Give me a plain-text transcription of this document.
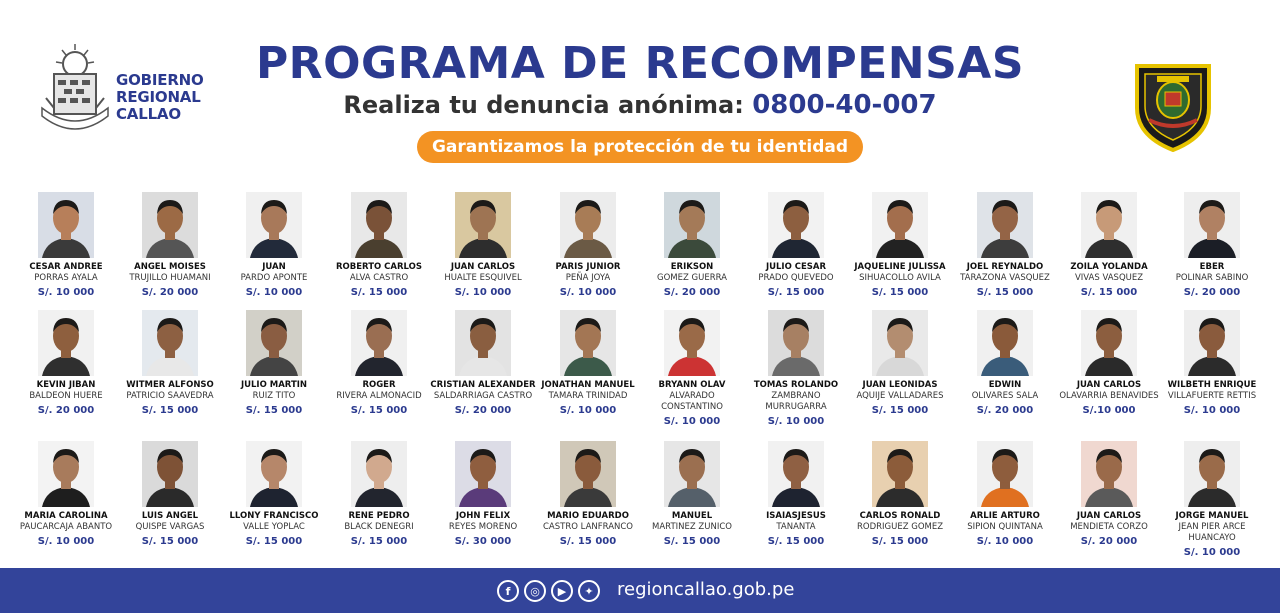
GOBIERNO
REGIONAL
CALLAO
PROGRAMA DE RECOMPENSAS
Realiza tu denuncia anónima: 0800-40-007
Garantizamos la protección de tu identidad
CESAR ANDREE
PORRAS AYALA
S/. 10 000
ANGEL MOISES
TRUJILLO HUAMANI
S/. 20 000
JUAN
PARDO APONTE
S/. 10 000
ROBERTO CARLOS
ALVA CASTRO
S/. 15 000
JUAN CARLOS
HUALTE ESQUIVEL
S/. 10 000
PARIS JUNIOR
PEÑA JOYA
S/. 10 000
ERIKSON
GOMEZ GUERRA
S/. 20 000
JULIO CESAR
PRADO QUEVEDO
S/. 15 000
JAQUELINE JULISSA
SIHUACOLLO AVILA
S/. 15 000
JOEL REYNALDO
TARAZONA VASQUEZ
S/. 15 000
ZOILA YOLANDA
VIVAS VASQUEZ
S/. 15 000
EBER
POLINAR SABINO
S/. 20 000
KEVIN JIBAN
BALDEON HUERE
S/. 20 000
WITMER ALFONSO
PATRICIO SAAVEDRA
S/. 15 000
JULIO MARTIN
RUIZ TITO
S/. 15 000
ROGER
RIVERA ALMONACID
S/. 15 000
CRISTIAN ALEXANDER
SALDARRIAGA CASTRO
S/. 20 000
JONATHAN MANUEL
TAMARA TRINIDAD
S/. 10 000
BRYANN OLAV
ALVARADO CONSTANTINO
S/. 10 000
TOMAS ROLANDO
ZAMBRANO MURRUGARRA
S/. 10 000
JUAN LEONIDAS
AQUIJE VALLADARES
S/. 15 000
EDWIN
OLIVARES SALA
S/. 20 000
JUAN CARLOS
OLAVARRIA BENAVIDES
S/.10 000
WILBETH ENRIQUE
VILLAFUERTE RETTIS
S/. 10 000
MARIA CAROLINA
PAUCARCAJA ABANTO
S/. 10 000
LUIS ANGEL
QUISPE VARGAS
S/. 15 000
LLONY FRANCISCO
VALLE YOPLAC
S/. 15 000
RENE PEDRO
BLACK DENEGRI
S/. 15 000
JOHN FELIX
REYES MORENO
S/. 30 000
MARIO EDUARDO
CASTRO LANFRANCO
S/. 15 000
MANUEL
MARTINEZ ZUNICO
S/. 15 000
ISAIASJESUS
TANANTA
S/. 15 000
CARLOS RONALD
RODRIGUEZ GOMEZ
S/. 15 000
ARLIE ARTURO
SIPION QUINTANA
S/. 10 000
JUAN CARLOS
MENDIETA CORZO
S/. 20 000
JORGE MANUEL
JEAN PIER ARCE HUANCAYO
S/. 10 000
f	◎	▶	✦	regioncallao.gob.pe
